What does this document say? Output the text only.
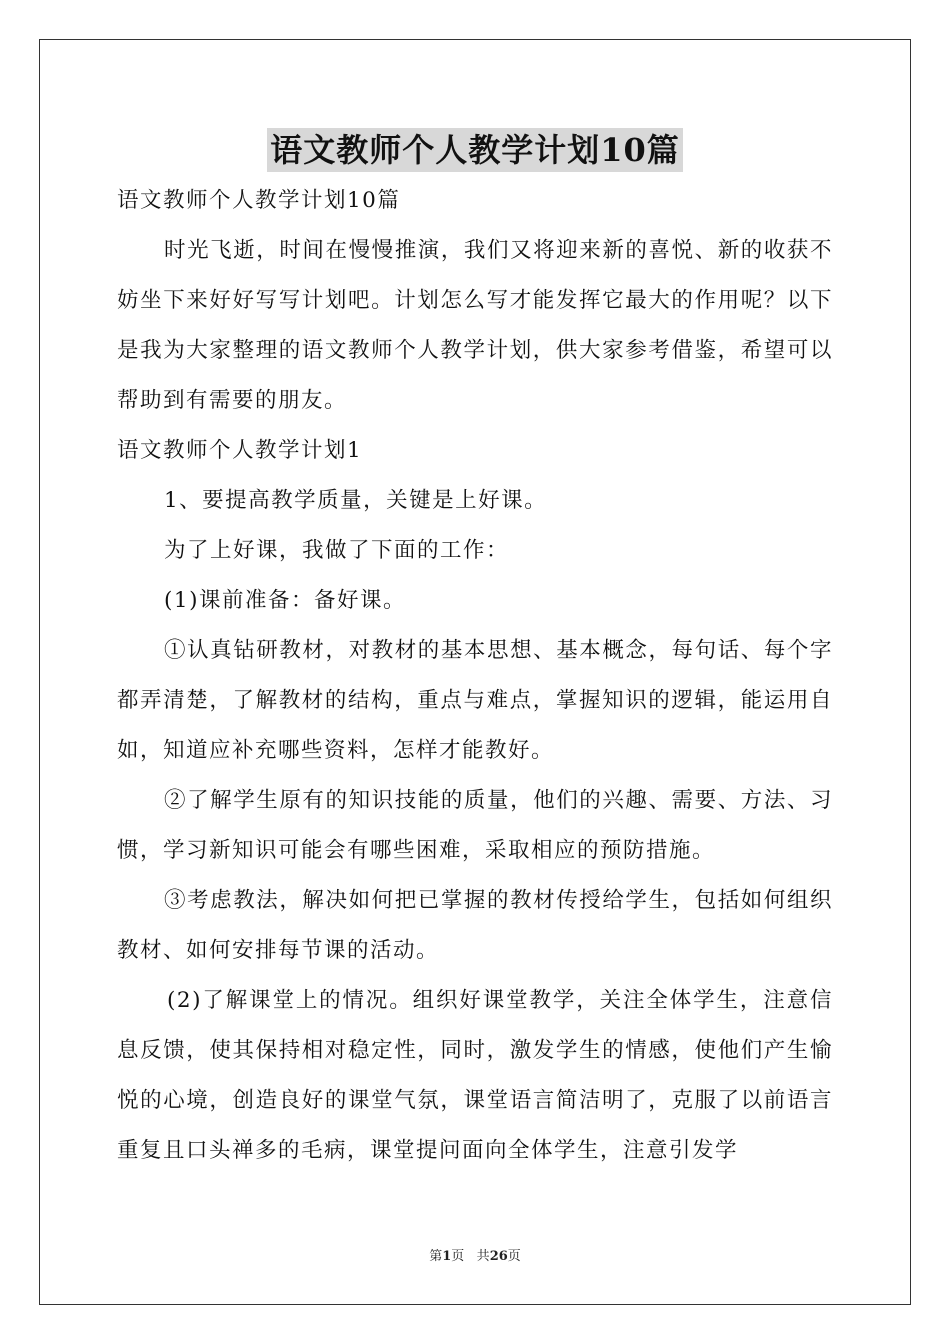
语文教师个人教学计划10篇

语文教师个人教学计划10篇

时光飞逝，时间在慢慢推演，我们又将迎来新的喜悦、新的收获不妨坐下来好好写写计划吧。计划怎么写才能发挥它最大的作用呢？以下是我为大家整理的语文教师个人教学计划，供大家参考借鉴，希望可以帮助到有需要的朋友。

语文教师个人教学计划1

1、要提高教学质量，关键是上好课。

为了上好课，我做了下面的工作：

(1)课前准备：备好课。

①认真钻研教材，对教材的基本思想、基本概念，每句话、每个字都弄清楚，了解教材的结构，重点与难点，掌握知识的逻辑，能运用自如，知道应补充哪些资料，怎样才能教好。

②了解学生原有的知识技能的质量，他们的兴趣、需要、方法、习惯，学习新知识可能会有哪些困难，采取相应的预防措施。

③考虑教法，解决如何把已掌握的教材传授给学生，包括如何组织教材、如何安排每节课的活动。

(2)了解课堂上的情况。组织好课堂教学，关注全体学生，注意信息反馈，使其保持相对稳定性，同时，激发学生的情感，使他们产生愉悦的心境，创造良好的课堂气氛，课堂语言简洁明了，克服了以前语言重复且口头禅多的毛病，课堂提问面向全体学生，注意引发学

第1页 共26页
